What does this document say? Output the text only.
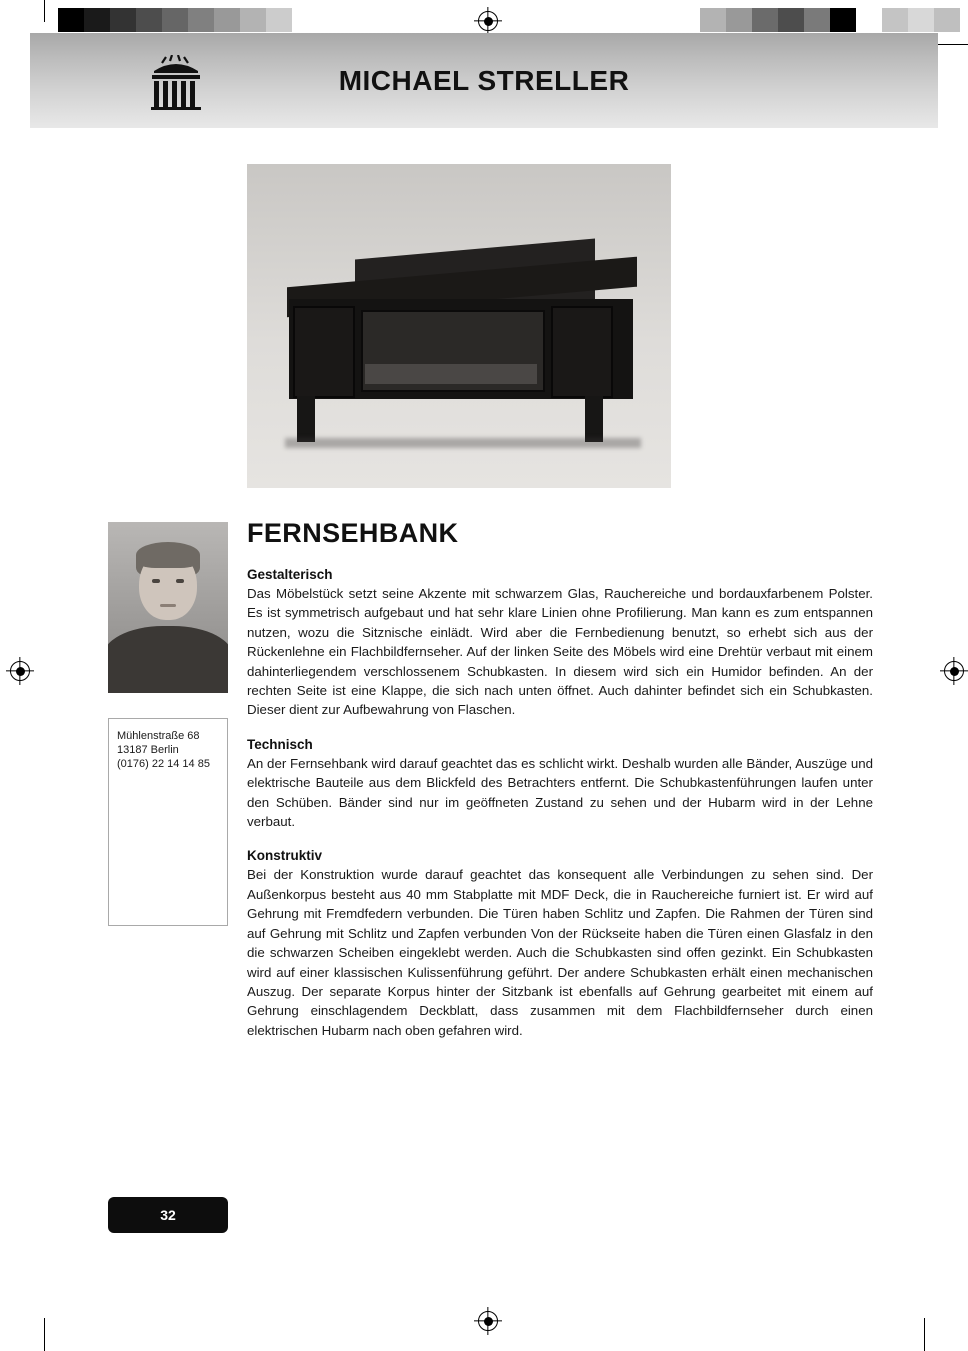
MICHAEL STRELLER
Mühlenstraße 68
13187 Berlin
(0176) 22 14 14 85
FERNSEHBANK
Gestalterisch

Das Möbelstück setzt seine Akzente mit schwarzem Glas, Rauchereiche und bordauxfarbenem Polster. Es ist symmetrisch aufgebaut und hat sehr klare Linien ohne Profilierung. Man kann es zum entspannen nutzen, wozu die Sitznische einlädt. Wird aber die Fernbedienung benutzt, so erhebt sich aus der Rückenlehne ein Flachbildfernseher. Auf der linken Seite des Möbels wird eine Drehtür verbaut mit einem dahinterliegendem verschlossenem Schubkasten. In diesem wird sich ein Humidor befinden. An der rechten Seite ist eine Klappe, die sich nach unten öffnet. Auch dahinter befindet sich ein Schubkasten. Dieser dient zur Aufbewahrung von Flaschen.

Technisch

An der Fernsehbank wird darauf geachtet das es schlicht wirkt. Deshalb wurden alle Bänder, Auszüge und elektrische Bauteile aus dem Blickfeld des Betrachters entfernt. Die Schubkastenführungen laufen unter den Schüben. Bänder sind nur im geöffneten Zustand zu sehen und der Hubarm wird in der Lehne verbaut.

Konstruktiv

Bei der Konstruktion wurde darauf geachtet das konsequent alle Verbindungen zu sehen sind. Der Außenkorpus besteht aus 40 mm Stabplatte mit MDF Deck, die in Rauchereiche furniert ist. Er wird auf Gehrung mit Fremdfedern verbunden. Die Türen haben Schlitz und Zapfen. Die Rahmen der Türen sind auf Gehrung mit Schlitz und Zapfen verbunden Von der Rückseite haben die Türen einen Glasfalz in den die schwarzen Scheiben eingeklebt werden. Auch die Schubkasten sind offen gezinkt. Ein Schubkasten wird auf einer klassischen Kulissenführung geführt. Der andere Schubkasten erhält einen mechanischen Auszug. Der separate Korpus hinter der Sitzbank ist ebenfalls auf Gehrung gearbeitet mit einem auf Gehrung einschlagendem Deckblatt, dass zusammen mit dem Flachbildfernseher durch einen elektrischen Hubarm nach oben gefahren wird.

32
